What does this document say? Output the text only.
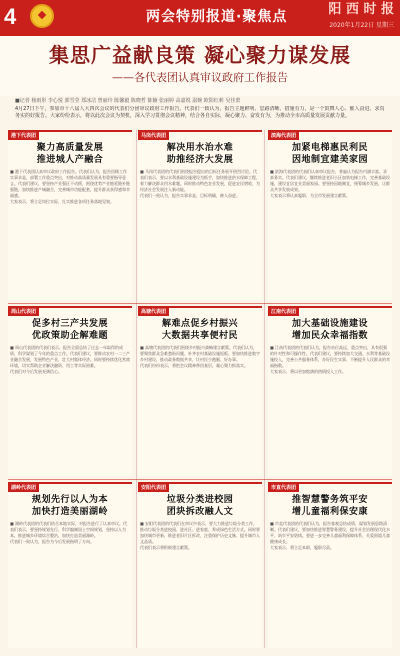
4	两会特别报道·聚焦点	阳 西 时 报
2020年1月22日 星期三
集思广益献良策 凝心聚力谋发展
——各代表团认真审议政府工作报告
■记者 杨雨彤 李心悦 郭雪莹 郑冰洁 曾丽玲 陈馨毅 陈晓哲 陈楠 张丽婷 高嘉锐 温婉 欧阳红莉 吴佳蕾
4月27日下午，参加市十八届人大四次会议的代表们分团审议政府工作报告。代表们一致认为，报告主题鲜明、思路清晰、措施有力，是一个鼓舞人心、催人奋进、求真务实的好报告。大家纷纷表示，将以此次会议为契机，深入学习贯彻会议精神，结合各自实际，凝心聚力、奋发有为，为推动全市高质量发展贡献力量。
港下代表团
聚力高质量发展
推进城人产融合
■ 港下代表团认真审议政府工作报告。代表们认为，报告回顾工作实事求是，部署工作重点突出，对推动高质量发展具有重要指导意义。代表们建议，要坚持产业强区不动摇，围绕优势产业链延链补链强链，加快推进产城融合，完善城市功能配套，提升群众获得感和幸福感。
大家表示，将立足岗位实际，扎实推进各项任务落地见效。
马岗代表团
解决用水治水难
助推经济大发展
■ 马岗代表团的代表们围绕报告提出的目标任务展开热烈讨论。代表们表示，要以水利基础设施建设为抓手，加快推进供水保障工程，着力解决群众用水难题。同时推动特色农业发展，促进农民增收，为经济社会发展注入新动能。
代表们一致认为，报告实事求是，目标明确，催人奋进。
滨海代表团
加紧电梯惠民利民
因地制宜建美家园
■ 滨海代表团的代表们认真审议报告，普遍认为报告内涵丰富、求真务实。代表们建议，继续推进老旧小区加装电梯工作，完善基础设施，建设宜居宜业美丽家园。要坚持因地制宜，统筹城乡发展，让群众共享发展成果。
大家表示将认真履职，为全市发展建言献策。
周山代表团
促多村三产共发展
优政策助企解难题
■ 周山代表团的代表们表示，报告全面总结了过去一年取得的成绩，科学谋划了今年的重点工作。代表们建议，要推动农村一二三产业融合发展，发展特色产业，壮大村集体经济。同时要持续优化营商环境，切实帮助企业解决融资、用工等实际困难。
代表们对今后发展充满信心。
高塘代表团
解难点促乡村振兴
大数据共享便村民
■ 高塘代表团的代表们围绕乡村振兴战略建言献策。代表们认为，要聚焦群众急难愁盼问题，补齐农村基础设施短板。要加快推进数字乡村建设，推动政务数据共享，让村民少跑腿、好办事。
代表们纷纷表示，将把会议精神带回基层，凝心聚力抓落实。
江南代表团
加大基础设施建设
增加民众幸福指数
■ 江南代表团的代表们认为，报告站位高远，重点突出，具有很强的针对性和可操作性。代表们建议，要持续加大交通、水利等基础设施投入，完善公共服务体系，办好民生实事，不断提升人民群众的幸福指数。
大家表示，将以更加饱满的热情投入工作。
湖岭代表团
规划先行以人为本
加快打造美丽湖岭
■ 湖岭代表团的代表们结合本地实际，对报告进行了认真审议。代表们表示，要坚持规划先行，科学编制国土空间规划，坚持以人为本，推进城乡环境综合整治，加快打造美丽湖岭。
代表们一致认为，报告为今后发展指明了方向。
安阳代表团
垃圾分类进校园
团块拆改融人文
■ 安阳代表团的代表们在审议中表示，要大力推进垃圾分类工作，推动垃圾分类进校园、进社区、进家庭，养成绿色生活方式。同时要加快城市更新，推进老旧片区拆改，注重保护历史文脉，提升城市人文品质。
代表们表示将积极建言献策。
市直代表团
推智慧警务筑平安
增儿童福利保安康
■ 市直代表团的代表们认为，报告客观总结成绩，谋划发展思路清晰。代表们建议，要加快推进智慧警务建设，提升社会治理现代化水平，筑牢平安防线。要进一步完善儿童福利保障体系，关爱困境儿童健康成长。
大家表示，将立足本职，履职尽责。
